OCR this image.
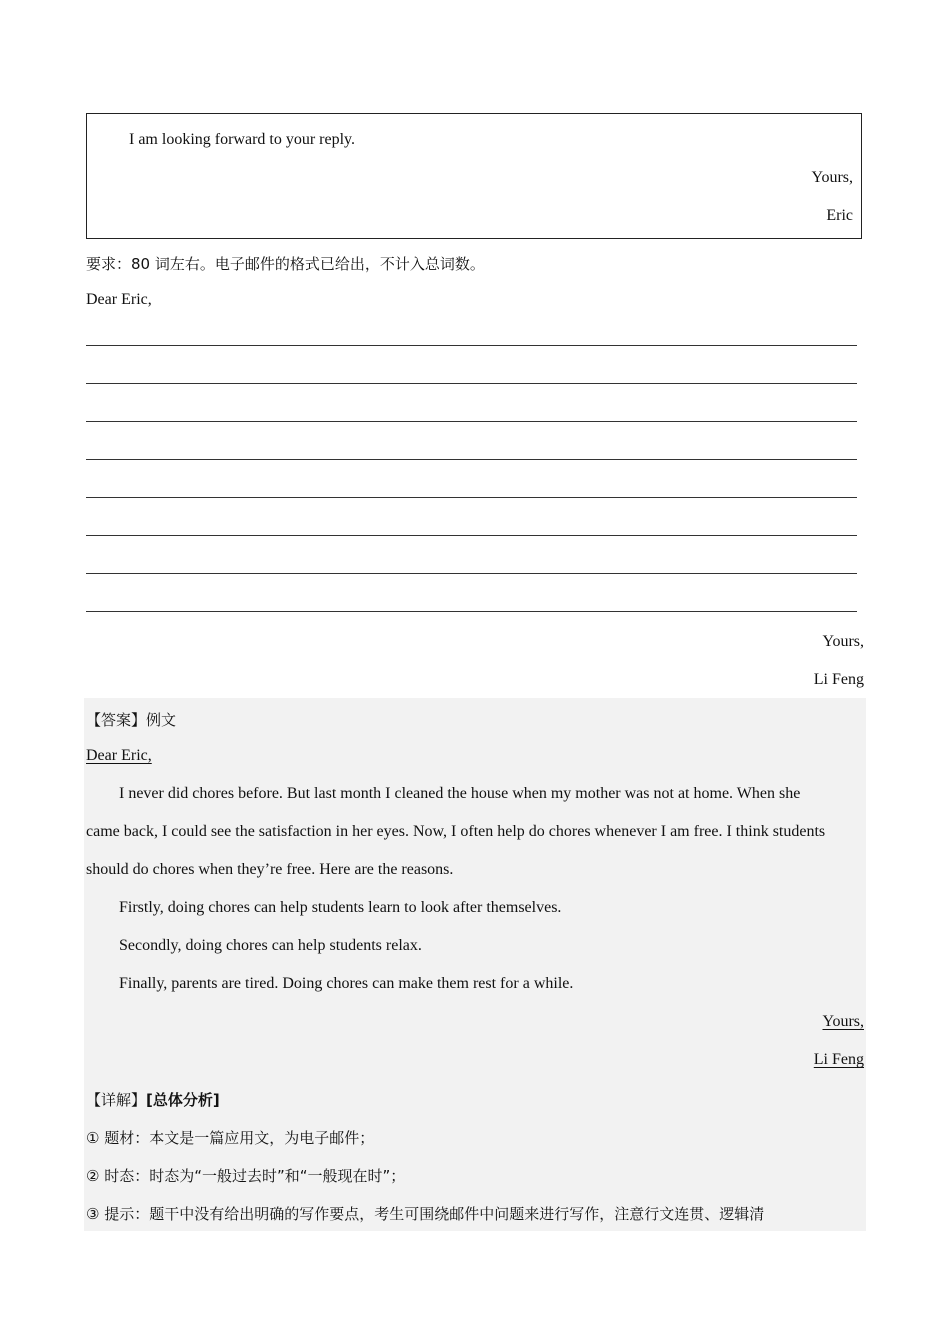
I am looking forward to your reply.
Yours,
Eric
要求：80 词左右。电子邮件的格式已给出，不计入总词数。
Dear Eric,
Yours,
Li Feng
【答案】例文
Dear Eric,
I never did chores before. But last month I cleaned the house when my mother was not at home. When she
came back, I could see the satisfaction in her eyes. Now, I often help do chores whenever I am free. I think students
should do chores when they’re free. Here are the reasons.
Firstly, doing chores can help students learn to look after themselves.
Secondly, doing chores can help students relax.
Finally, parents are tired. Doing chores can make them rest for a while.
Yours,
Li Feng
【详解】[总体分析]
① 题材：本文是一篇应用文，为电子邮件；
② 时态：时态为“一般过去时”和“一般现在时”；
③ 提示：题干中没有给出明确的写作要点，考生可围绕邮件中问题来进行写作，注意行文连贯、逻辑清
